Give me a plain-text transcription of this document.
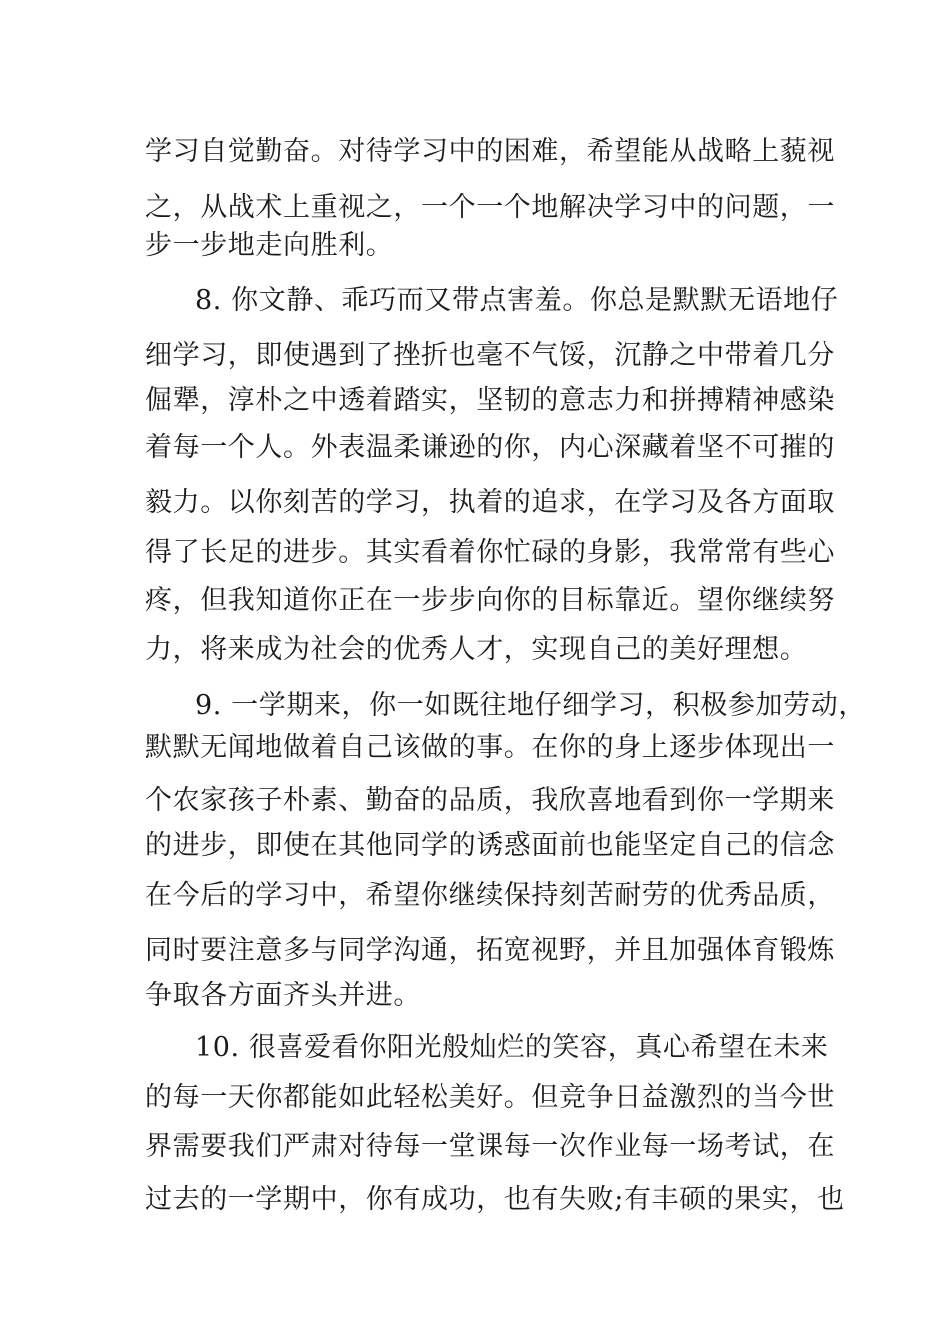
学习自觉勤奋。对待学习中的困难，希望能从战略上藐视
之，从战术上重视之，一个一个地解决学习中的问题，一
步一步地走向胜利。
8. 你文静、乖巧而又带点害羞。你总是默默无语地仔
细学习，即使遇到了挫折也毫不气馁，沉静之中带着几分
倔犟，淳朴之中透着踏实，坚韧的意志力和拼搏精神感染
着每一个人。外表温柔谦逊的你，内心深藏着坚不可摧的
毅力。以你刻苦的学习，执着的追求，在学习及各方面取
得了长足的进步。其实看着你忙碌的身影，我常常有些心
疼，但我知道你正在一步步向你的目标靠近。望你继续努
力，将来成为社会的优秀人才，实现自己的美好理想。
9. 一学期来，你一如既往地仔细学习，积极参加劳动，
默默无闻地做着自己该做的事。在你的身上逐步体现出一
个农家孩子朴素、勤奋的品质，我欣喜地看到你一学期来
的进步，即使在其他同学的诱惑面前也能坚定自己的信念
在今后的学习中，希望你继续保持刻苦耐劳的优秀品质，
同时要注意多与同学沟通，拓宽视野，并且加强体育锻炼
争取各方面齐头并进。
10. 很喜爱看你阳光般灿烂的笑容，真心希望在未来
的每一天你都能如此轻松美好。但竞争日益激烈的当今世
界需要我们严肃对待每一堂课每一次作业每一场考试，在
过去的一学期中，你有成功，也有失败;有丰硕的果实，也
